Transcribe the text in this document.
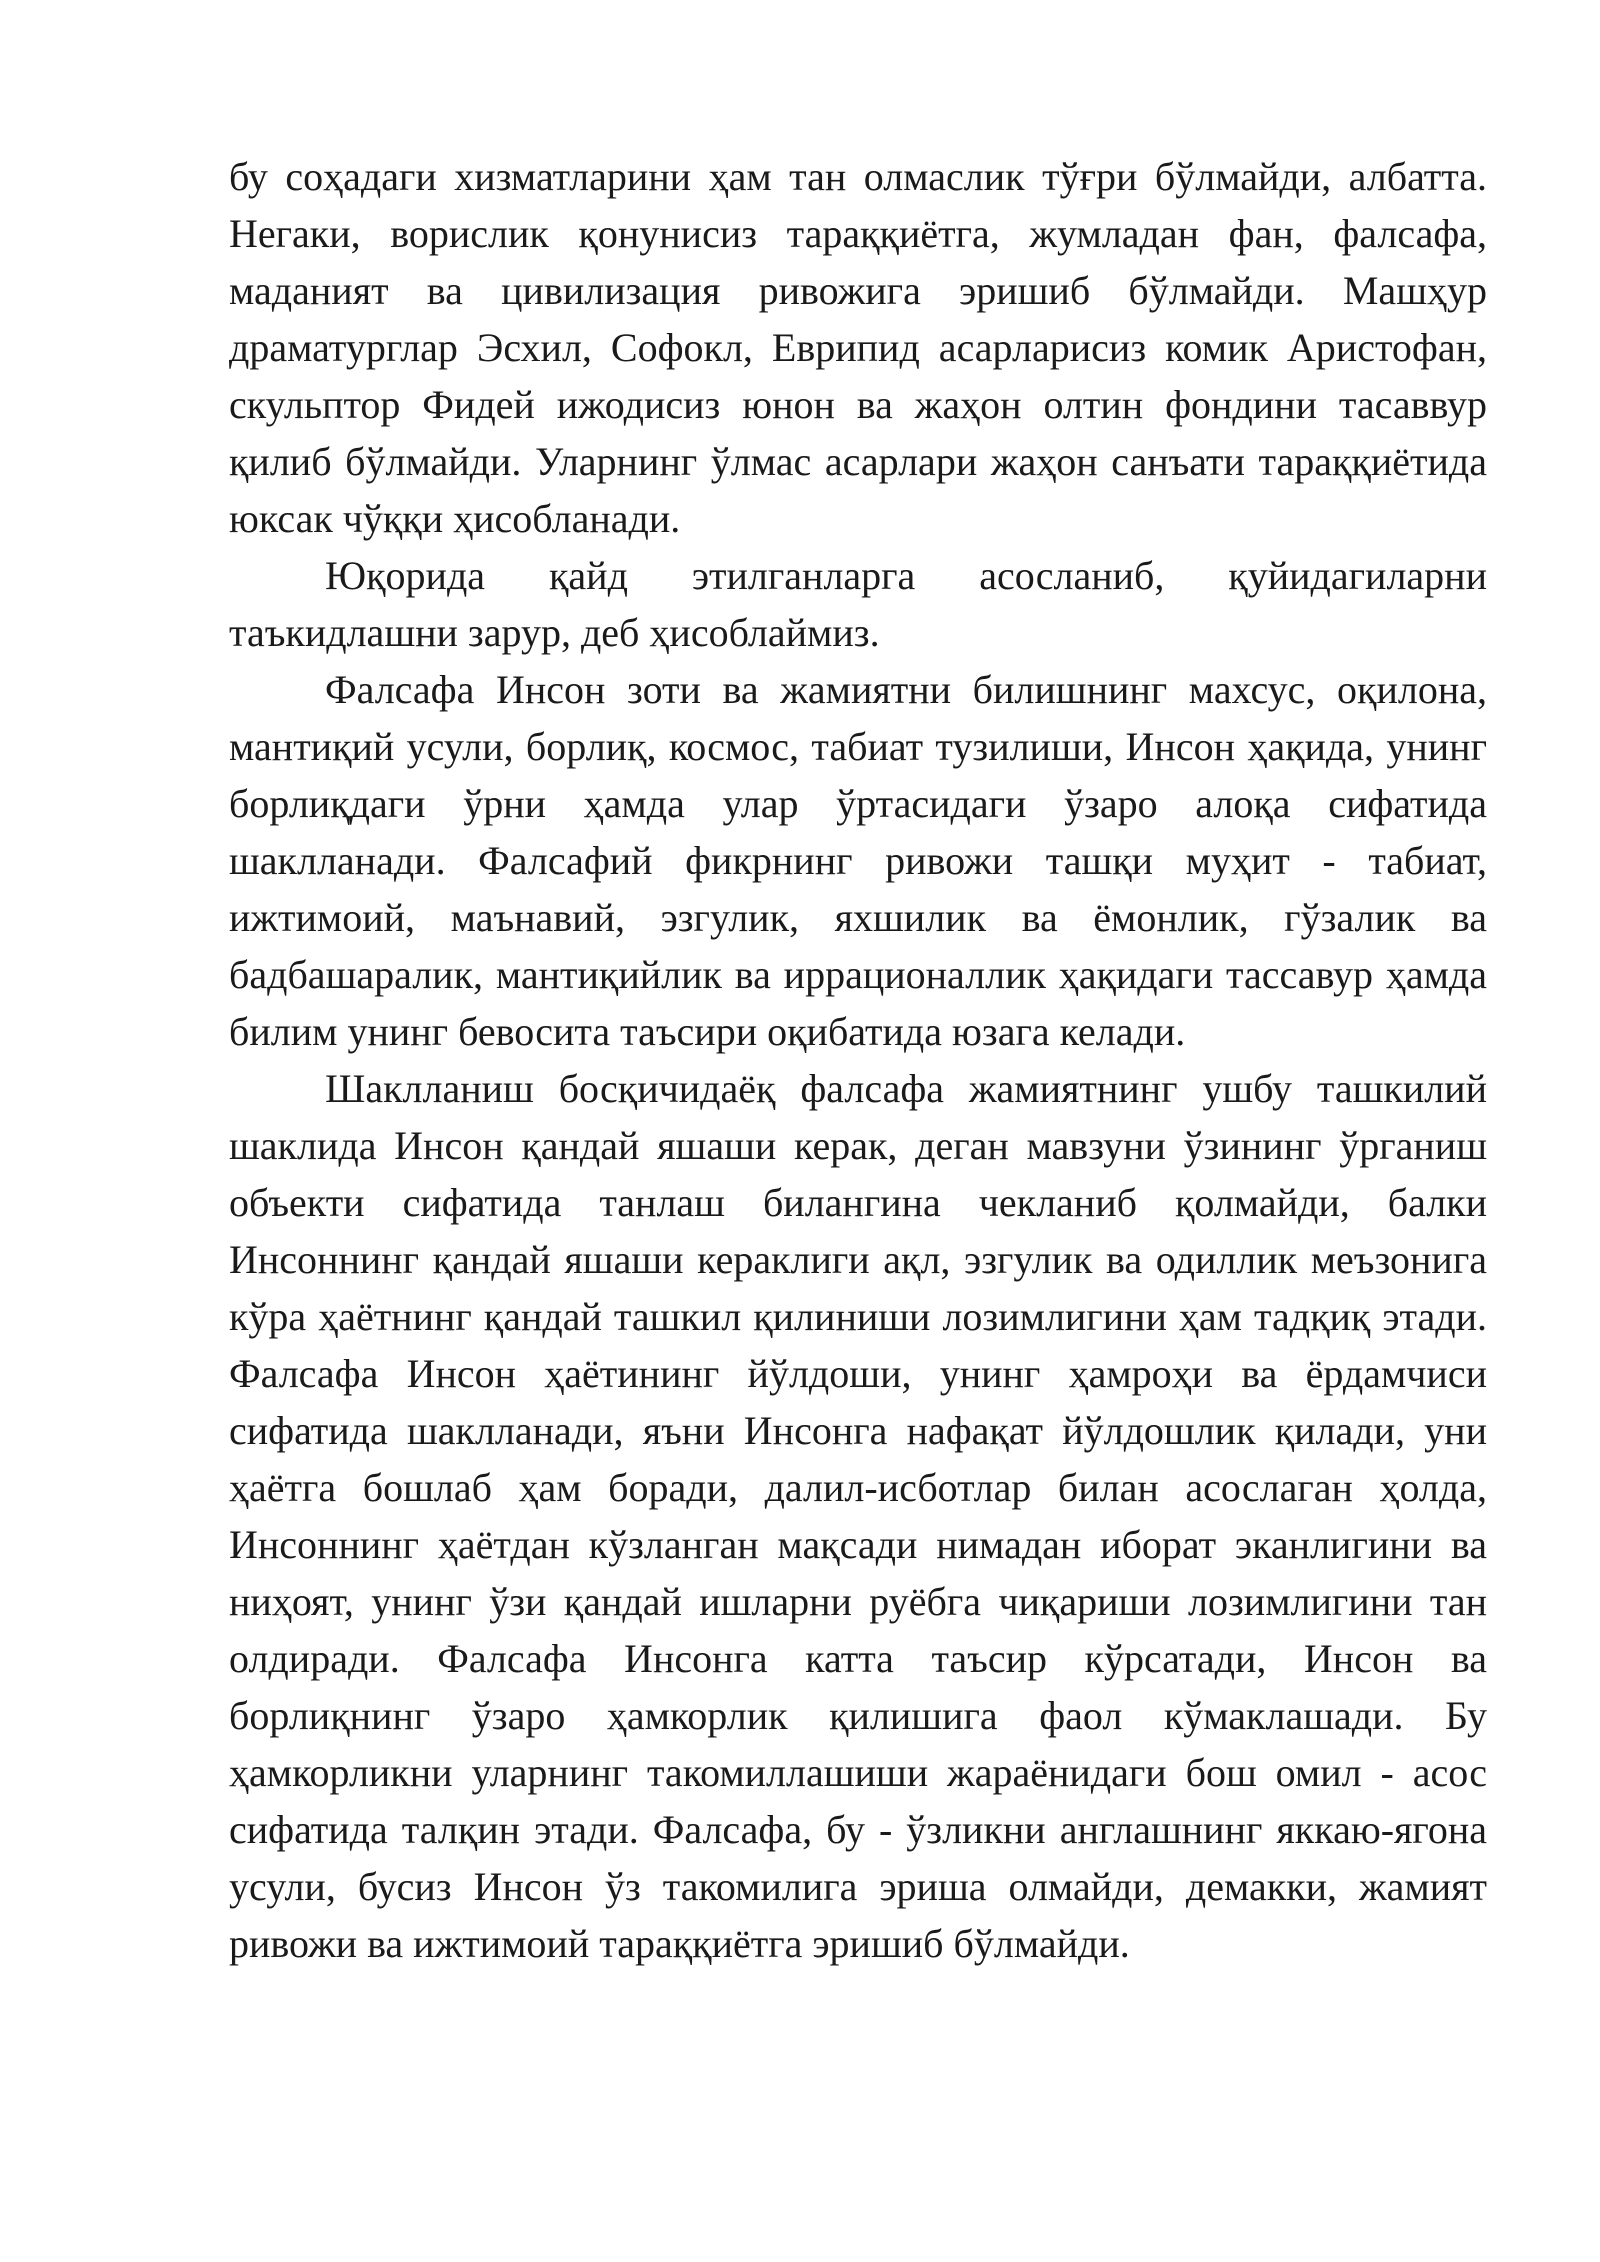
бу соҳадаги хизматларини ҳам тан олмаслик тўғри бўлмайди, албатта. Негаки, ворислик қонунисиз тараққиётга, жумладан фан, фалсафа, маданият ва цивилизация ривожига эришиб бўлмайди. Машҳур драматурглар Эсхил, Софокл, Еврипид асарларисиз комик Аристофан, скульптор Фидей ижодисиз юнон ва жаҳон олтин фондини тасаввур қилиб бўлмайди. Уларнинг ўлмас асарлари жаҳон санъати тараққиётида юксак чўққи ҳисобланади.

Юқорида қайд этилганларга асосланиб, қуйидагиларни таъкидлашни зарур, деб ҳисоблаймиз.

Фалсафа Инсон зоти ва жамиятни билишнинг махсус, оқилона, мантиқий усули, борлиқ, космос, табиат тузилиши, Инсон ҳақида, унинг борлиқдаги ўрни ҳамда улар ўртасидаги ўзаро алоқа сифатида шаклланади. Фалсафий фикрнинг ривожи ташқи муҳит - табиат, ижтимоий, маънавий, эзгулик, яхшилик ва ёмонлик, гўзалик ва бадбашаралик, мантиқийлик ва иррационаллик ҳақидаги тассавур ҳамда билим унинг бевосита таъсири оқибатида юзага келади.

Шаклланиш босқичидаёқ фалсафа жамиятнинг ушбу ташкилий шаклида Инсон қандай яшаши керак, деган мавзуни ўзининг ўрганиш объекти сифатида танлаш билангина чекланиб қолмайди, балки Инсоннинг қандай яшаши кераклиги ақл, эзгулик ва одиллик меъзонига кўра ҳаётнинг қандай ташкил қилиниши лозимлигини ҳам тадқиқ этади. Фалсафа Инсон ҳаётининг йўлдоши, унинг ҳамроҳи ва ёрдамчиси сифатида шаклланади, яъни Инсонга нафақат йўлдошлик қилади, уни ҳаётга бошлаб ҳам боради, далил-исботлар билан асослаган ҳолда, Инсоннинг ҳаётдан кўзланган мақсади нимадан иборат эканлигини ва ниҳоят, унинг ўзи қандай ишларни руёбга чиқариши лозимлигини тан олдиради. Фалсафа Инсонга катта таъсир кўрсатади, Инсон ва борлиқнинг ўзаро ҳамкорлик қилишига фаол кўмаклашади. Бу ҳамкорликни уларнинг такомиллашиши жараёнидаги бош омил - асос сифатида талқин этади. Фалсафа, бу - ўзликни англашнинг яккаю-ягона усули, бусиз Инсон ўз такомилига эриша олмайди, демакки, жамият ривожи ва ижтимоий тараққиётга эришиб бўлмайди.
